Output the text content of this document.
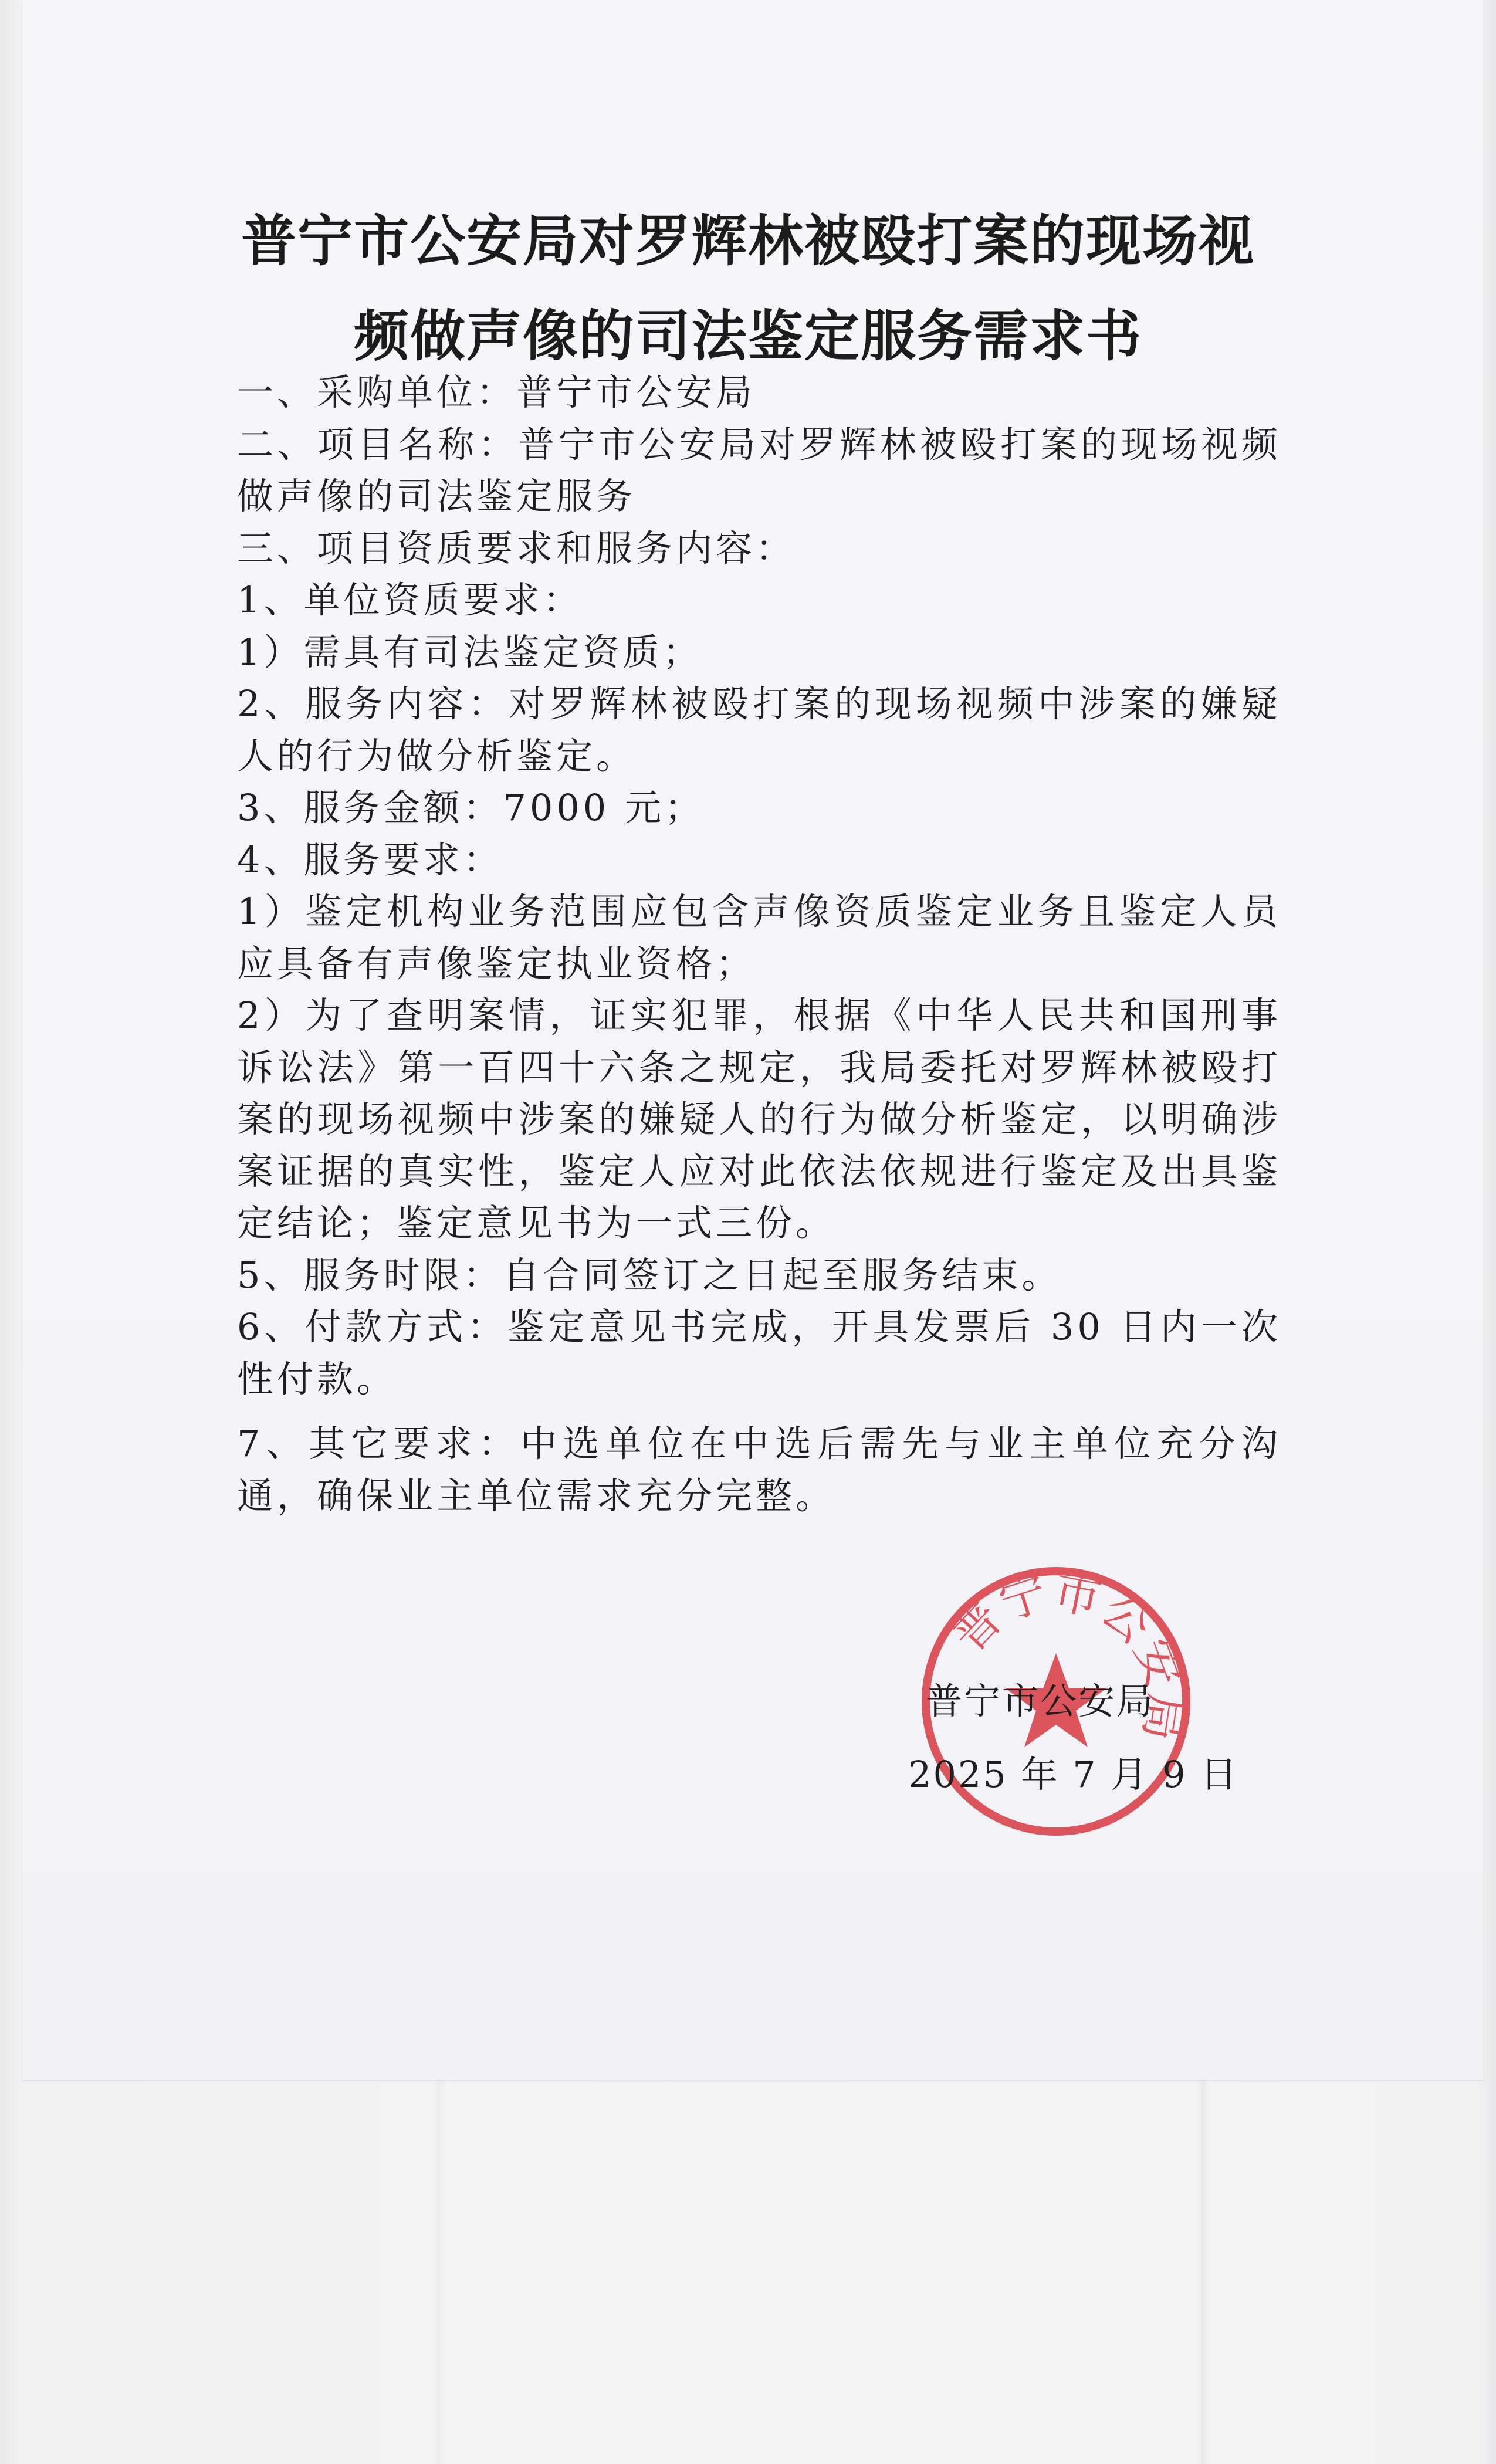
普宁市公安局对罗辉林被殴打案的现场视
频做声像的司法鉴定服务需求书
一、采购单位：普宁市公安局
二、项目名称：普宁市公安局对罗辉林被殴打案的现场视频做声像的司法鉴定服务
三、项目资质要求和服务内容：
1、单位资质要求：
1）需具有司法鉴定资质；
2、服务内容：对罗辉林被殴打案的现场视频中涉案的嫌疑人的行为做分析鉴定。
3、服务金额：7000 元；
4、服务要求：
1）鉴定机构业务范围应包含声像资质鉴定业务且鉴定人员应具备有声像鉴定执业资格；
2）为了查明案情，证实犯罪，根据《中华人民共和国刑事诉讼法》第一百四十六条之规定，我局委托对罗辉林被殴打案的现场视频中涉案的嫌疑人的行为做分析鉴定，以明确涉案证据的真实性，鉴定人应对此依法依规进行鉴定及出具鉴定结论；鉴定意见书为一式三份。
5、服务时限：自合同签订之日起至服务结束。
6、付款方式：鉴定意见书完成，开具发票后 30 日内一次性付款。
7、其它要求：中选单位在中选后需先与业主单位充分沟通，确保业主单位需求充分完整。
普宁市公安局
普宁市公安局
2025 年 7 月 9 日
